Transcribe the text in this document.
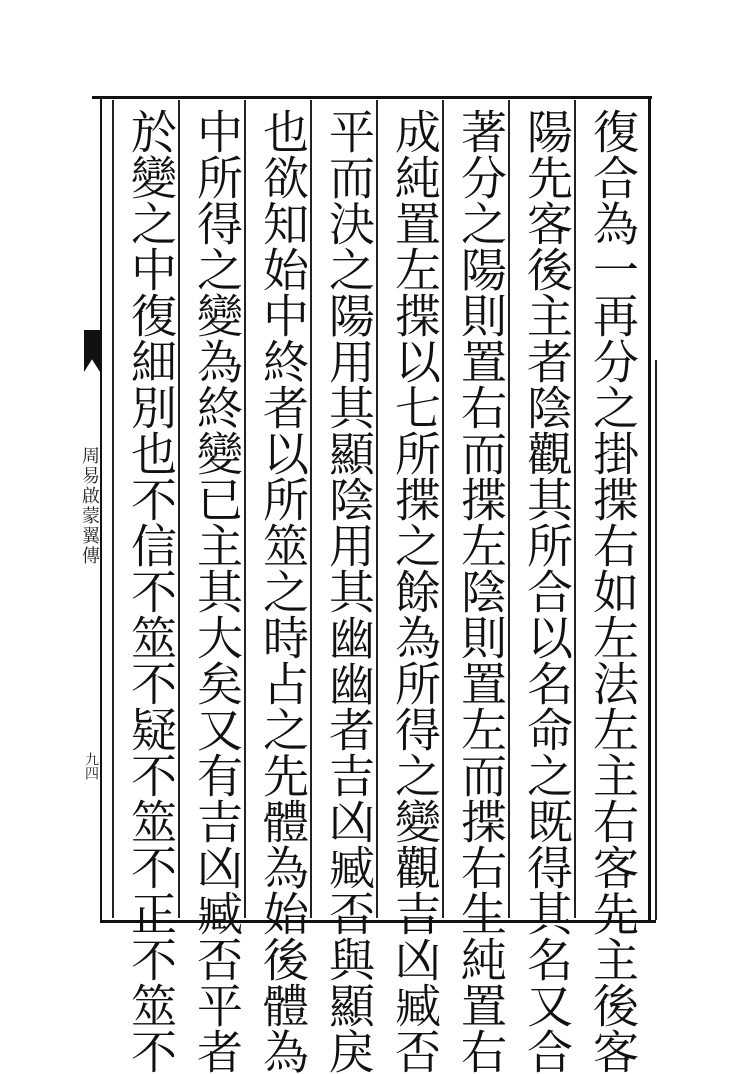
復
合
為
一
再
分
之
掛
揲
右
如
左
法
左
主
右
客
先
主
後
客
陽
先
客
後
主
者
陰
觀
其
所
合
以
名
命
之
既
得
其
名
又
合
著
分
之
陽
則
置
右
而
揲
左
陰
則
置
左
而
揲
右
生
純
置
右
成
純
置
左
揲
以
七
所
揲
之
餘
為
所
得
之
變
觀
吉
凶
臧
否
平
而
決
之
陽
用
其
顯
陰
用
其
幽
幽
者
吉
凶
臧
否
與
顯
戾
也
欲
知
始
中
終
者
以
所
筮
之
時
占
之
先
體
為
始
後
體
為
中
所
得
之
變
為
終
變
已
主
其
大
矣
又
有
吉
凶
臧
否
平
者
於
變
之
中
復
細
別
也
不
信
不
筮
不
疑
不
筮
不
正
不
筮
不
周易啟蒙翼傳
九四
